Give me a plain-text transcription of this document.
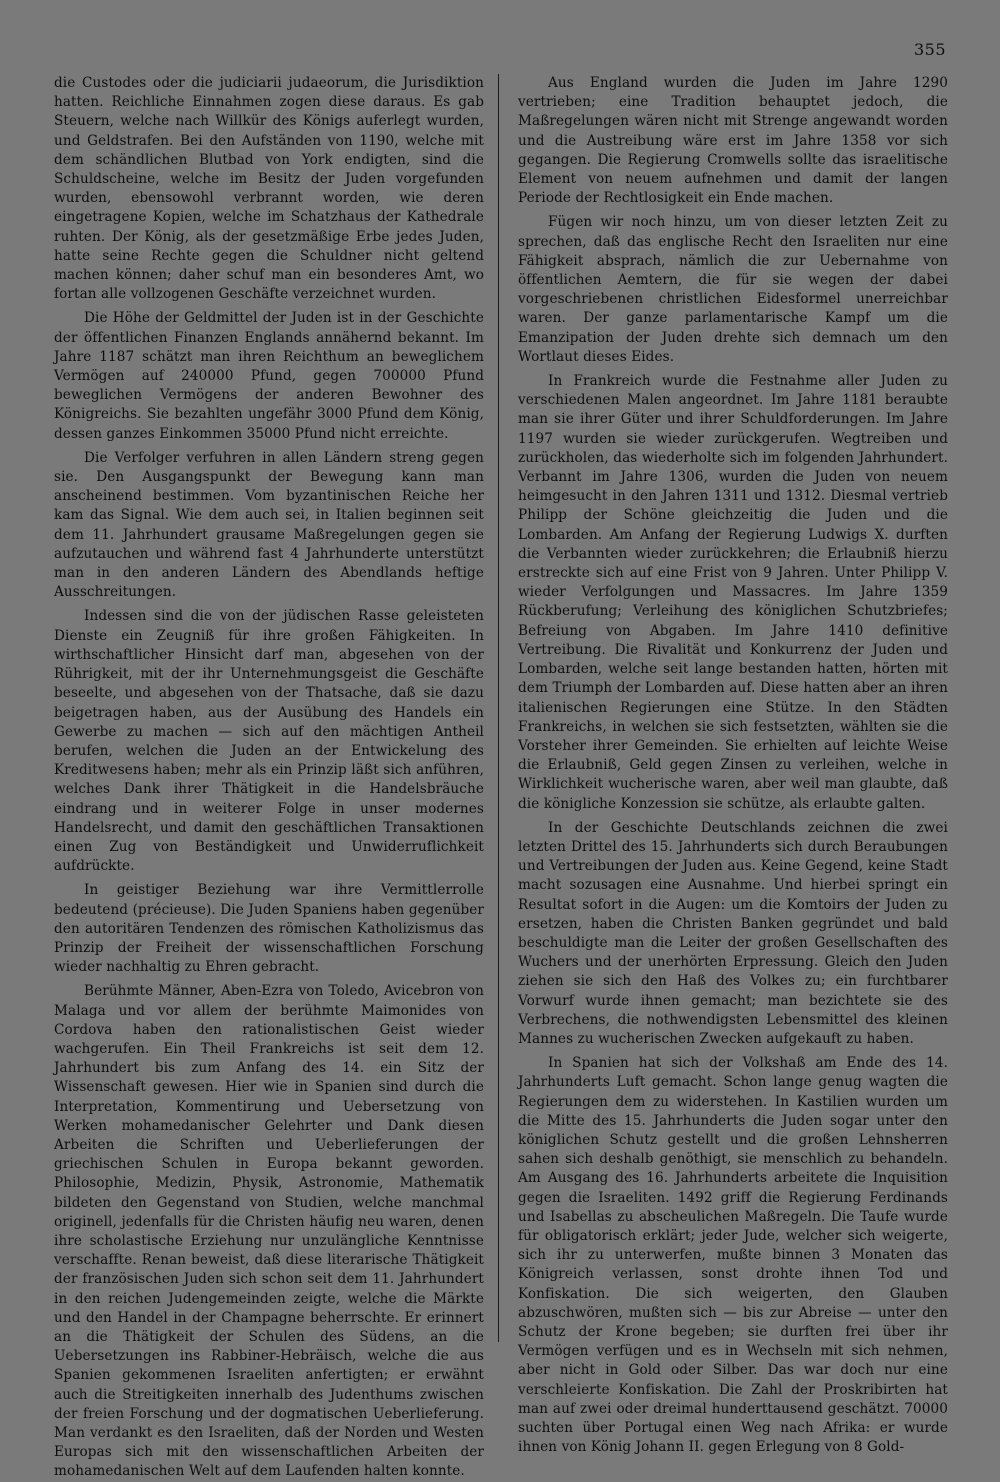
355

die Custodes oder die judiciarii judaeorum, die Jurisdiktion hatten. Reichliche Einnahmen zogen diese daraus. Es gab Steuern, welche nach Willkür des Königs auferlegt wurden, und Geldstrafen. Bei den Aufständen von 1190, welche mit dem schändlichen Blutbad von York endigten, sind die Schuldscheine, welche im Besitz der Juden vorgefunden wurden, ebensowohl verbrannt worden, wie deren eingetragene Kopien, welche im Schatzhaus der Kathedrale ruhten. Der König, als der gesetzmäßige Erbe jedes Juden, hatte seine Rechte gegen die Schuldner nicht geltend machen können; daher schuf man ein besonderes Amt, wo fortan alle vollzogenen Geschäfte verzeichnet wurden.

Die Höhe der Geldmittel der Juden ist in der Geschichte der öffentlichen Finanzen Englands annähernd bekannt. Im Jahre 1187 schätzt man ihren Reichthum an beweglichem Vermögen auf 240000 Pfund, gegen 700000 Pfund beweglichen Vermögens der anderen Bewohner des Königreichs. Sie bezahlten ungefähr 3000 Pfund dem König, dessen ganzes Einkommen 35000 Pfund nicht erreichte.

Die Verfolger verfuhren in allen Ländern streng gegen sie. Den Ausgangspunkt der Bewegung kann man anscheinend bestimmen. Vom byzantinischen Reiche her kam das Signal. Wie dem auch sei, in Italien beginnen seit dem 11. Jahrhundert grausame Maßregelungen gegen sie aufzutauchen und während fast 4 Jahrhunderte unterstützt man in den anderen Ländern des Abendlands heftige Ausschreitungen.

Indessen sind die von der jüdischen Rasse geleisteten Dienste ein Zeugniß für ihre großen Fähigkeiten. In wirthschaftlicher Hinsicht darf man, abgesehen von der Rührigkeit, mit der ihr Unternehmungsgeist die Geschäfte beseelte, und abgesehen von der Thatsache, daß sie dazu beigetragen haben, aus der Ausübung des Handels ein Gewerbe zu machen — sich auf den mächtigen Antheil berufen, welchen die Juden an der Entwickelung des Kreditwesens haben; mehr als ein Prinzip läßt sich anführen, welches Dank ihrer Thätigkeit in die Handelsbräuche eindrang und in weiterer Folge in unser modernes Handelsrecht, und damit den geschäftlichen Transaktionen einen Zug von Beständigkeit und Unwiderruflichkeit aufdrückte.

In geistiger Beziehung war ihre Vermittlerrolle bedeutend (précieuse). Die Juden Spaniens haben gegenüber den autoritären Tendenzen des römischen Katholizismus das Prinzip der Freiheit der wissenschaftlichen Forschung wieder nachhaltig zu Ehren gebracht.

Berühmte Männer, Aben-Ezra von Toledo, Avicebron von Malaga und vor allem der berühmte Maimonides von Cordova haben den rationalistischen Geist wieder wachgerufen. Ein Theil Frankreichs ist seit dem 12. Jahrhundert bis zum Anfang des 14. ein Sitz der Wissenschaft gewesen. Hier wie in Spanien sind durch die Interpretation, Kommentirung und Uebersetzung von Werken mohamedanischer Gelehrter und Dank diesen Arbeiten die Schriften und Ueberlieferungen der griechischen Schulen in Europa bekannt geworden. Philosophie, Medizin, Physik, Astronomie, Mathematik bildeten den Gegenstand von Studien, welche manchmal originell, jedenfalls für die Christen häufig neu waren, denen ihre scholastische Erziehung nur unzulängliche Kenntnisse verschaffte. Renan beweist, daß diese literarische Thätigkeit der französischen Juden sich schon seit dem 11. Jahrhundert in den reichen Judengemeinden zeigte, welche die Märkte und den Handel in der Champagne beherrschte. Er erinnert an die Thätigkeit der Schulen des Südens, an die Uebersetzungen ins Rabbiner-Hebräisch, welche die aus Spanien gekommenen Israeliten anfertigten; er erwähnt auch die Streitigkeiten innerhalb des Judenthums zwischen der freien Forschung und der dogmatischen Ueberlieferung. Man verdankt es den Israeliten, daß der Norden und Westen Europas sich mit den wissenschaftlichen Arbeiten der mohamedanischen Welt auf dem Laufenden halten konnte.

Aus England wurden die Juden im Jahre 1290 vertrieben; eine Tradition behauptet jedoch, die Maßregelungen wären nicht mit Strenge angewandt worden und die Austreibung wäre erst im Jahre 1358 vor sich gegangen. Die Regierung Cromwells sollte das israelitische Element von neuem aufnehmen und damit der langen Periode der Rechtlosigkeit ein Ende machen.

Fügen wir noch hinzu, um von dieser letzten Zeit zu sprechen, daß das englische Recht den Israeliten nur eine Fähigkeit absprach, nämlich die zur Uebernahme von öffentlichen Aemtern, die für sie wegen der dabei vorgeschriebenen christlichen Eidesformel unerreichbar waren. Der ganze parlamentarische Kampf um die Emanzipation der Juden drehte sich demnach um den Wortlaut dieses Eides.

In Frankreich wurde die Festnahme aller Juden zu verschiedenen Malen angeordnet. Im Jahre 1181 beraubte man sie ihrer Güter und ihrer Schuldforderungen. Im Jahre 1197 wurden sie wieder zurückgerufen. Wegtreiben und zurückholen, das wiederholte sich im folgenden Jahrhundert. Verbannt im Jahre 1306, wurden die Juden von neuem heimgesucht in den Jahren 1311 und 1312. Diesmal vertrieb Philipp der Schöne gleichzeitig die Juden und die Lombarden. Am Anfang der Regierung Ludwigs X. durften die Verbannten wieder zurückkehren; die Erlaubniß hierzu erstreckte sich auf eine Frist von 9 Jahren. Unter Philipp V. wieder Verfolgungen und Massacres. Im Jahre 1359 Rückberufung; Verleihung des königlichen Schutzbriefes; Befreiung von Abgaben. Im Jahre 1410 definitive Vertreibung. Die Rivalität und Konkurrenz der Juden und Lombarden, welche seit lange bestanden hatten, hörten mit dem Triumph der Lombarden auf. Diese hatten aber an ihren italienischen Regierungen eine Stütze. In den Städten Frankreichs, in welchen sie sich festsetzten, wählten sie die Vorsteher ihrer Gemeinden. Sie erhielten auf leichte Weise die Erlaubniß, Geld gegen Zinsen zu verleihen, welche in Wirklichkeit wucherische waren, aber weil man glaubte, daß die königliche Konzession sie schütze, als erlaubte galten.

In der Geschichte Deutschlands zeichnen die zwei letzten Drittel des 15. Jahrhunderts sich durch Beraubungen und Vertreibungen der Juden aus. Keine Gegend, keine Stadt macht sozusagen eine Ausnahme. Und hierbei springt ein Resultat sofort in die Augen: um die Komtoirs der Juden zu ersetzen, haben die Christen Banken gegründet und bald beschuldigte man die Leiter der großen Gesellschaften des Wuchers und der unerhörten Erpressung. Gleich den Juden ziehen sie sich den Haß des Volkes zu; ein furchtbarer Vorwurf wurde ihnen gemacht; man bezichtete sie des Verbrechens, die nothwendigsten Lebensmittel des kleinen Mannes zu wucherischen Zwecken aufgekauft zu haben.

In Spanien hat sich der Volkshaß am Ende des 14. Jahrhunderts Luft gemacht. Schon lange genug wagten die Regierungen dem zu widerstehen. In Kastilien wurden um die Mitte des 15. Jahrhunderts die Juden sogar unter den königlichen Schutz gestellt und die großen Lehnsherren sahen sich deshalb genöthigt, sie menschlich zu behandeln. Am Ausgang des 16. Jahrhunderts arbeitete die Inquisition gegen die Israeliten. 1492 griff die Regierung Ferdinands und Isabellas zu abscheulichen Maßregeln. Die Taufe wurde für obligatorisch erklärt; jeder Jude, welcher sich weigerte, sich ihr zu unterwerfen, mußte binnen 3 Monaten das Königreich verlassen, sonst drohte ihnen Tod und Konfiskation. Die sich weigerten, den Glauben abzuschwören, mußten sich — bis zur Abreise — unter den Schutz der Krone begeben; sie durften frei über ihr Vermögen verfügen und es in Wechseln mit sich nehmen, aber nicht in Gold oder Silber. Das war doch nur eine verschleierte Konfiskation. Die Zahl der Proskribirten hat man auf zwei oder dreimal hunderttausend geschätzt. 70000 suchten über Portugal einen Weg nach Afrika: er wurde ihnen von König Johann II. gegen Erlegung von 8 Gold-
